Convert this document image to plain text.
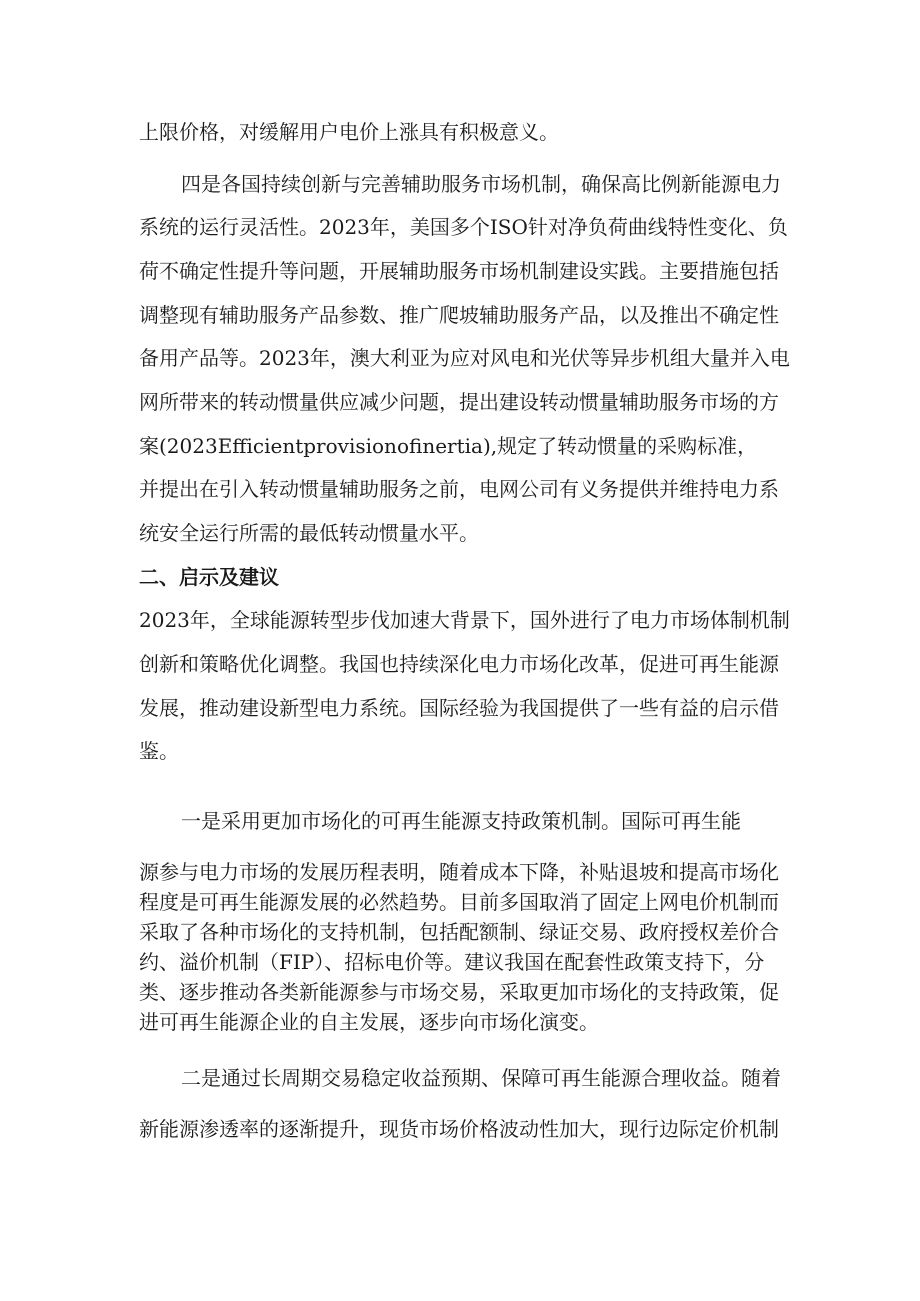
上限价格，对缓解用户电价上涨具有积极意义。
四是各国持续创新与完善辅助服务市场机制，确保高比例新能源电力
系统的运行灵活性。2023年，美国多个ISO针对净负荷曲线特性变化、负
荷不确定性提升等问题，开展辅助服务市场机制建设实践。主要措施包括
调整现有辅助服务产品参数、推广爬坡辅助服务产品，以及推出不确定性
备用产品等。2023年，澳大利亚为应对风电和光伏等异步机组大量并入电
网所带来的转动惯量供应减少问题，提出建设转动惯量辅助服务市场的方
案(2023Efficientprovisionofinertia),规定了转动惯量的采购标准，
并提出在引入转动惯量辅助服务之前，电网公司有义务提供并维持电力系
统安全运行所需的最低转动惯量水平。
二、启示及建议
2023年，全球能源转型步伐加速大背景下，国外进行了电力市场体制机制
创新和策略优化调整。我国也持续深化电力市场化改革，促进可再生能源
发展，推动建设新型电力系统。国际经验为我国提供了一些有益的启示借
鉴。
一是采用更加市场化的可再生能源支持政策机制。国际可再生能
源参与电力市场的发展历程表明，随着成本下降，补贴退坡和提高市场化
程度是可再生能源发展的必然趋势。目前多国取消了固定上网电价机制而
采取了各种市场化的支持机制，包括配额制、绿证交易、政府授权差价合
约、溢价机制（FIP）、招标电价等。建议我国在配套性政策支持下，分
类、逐步推动各类新能源参与市场交易，采取更加市场化的支持政策，促
进可再生能源企业的自主发展，逐步向市场化演变。
二是通过长周期交易稳定收益预期、保障可再生能源合理收益。随着
新能源渗透率的逐渐提升，现货市场价格波动性加大，现行边际定价机制
